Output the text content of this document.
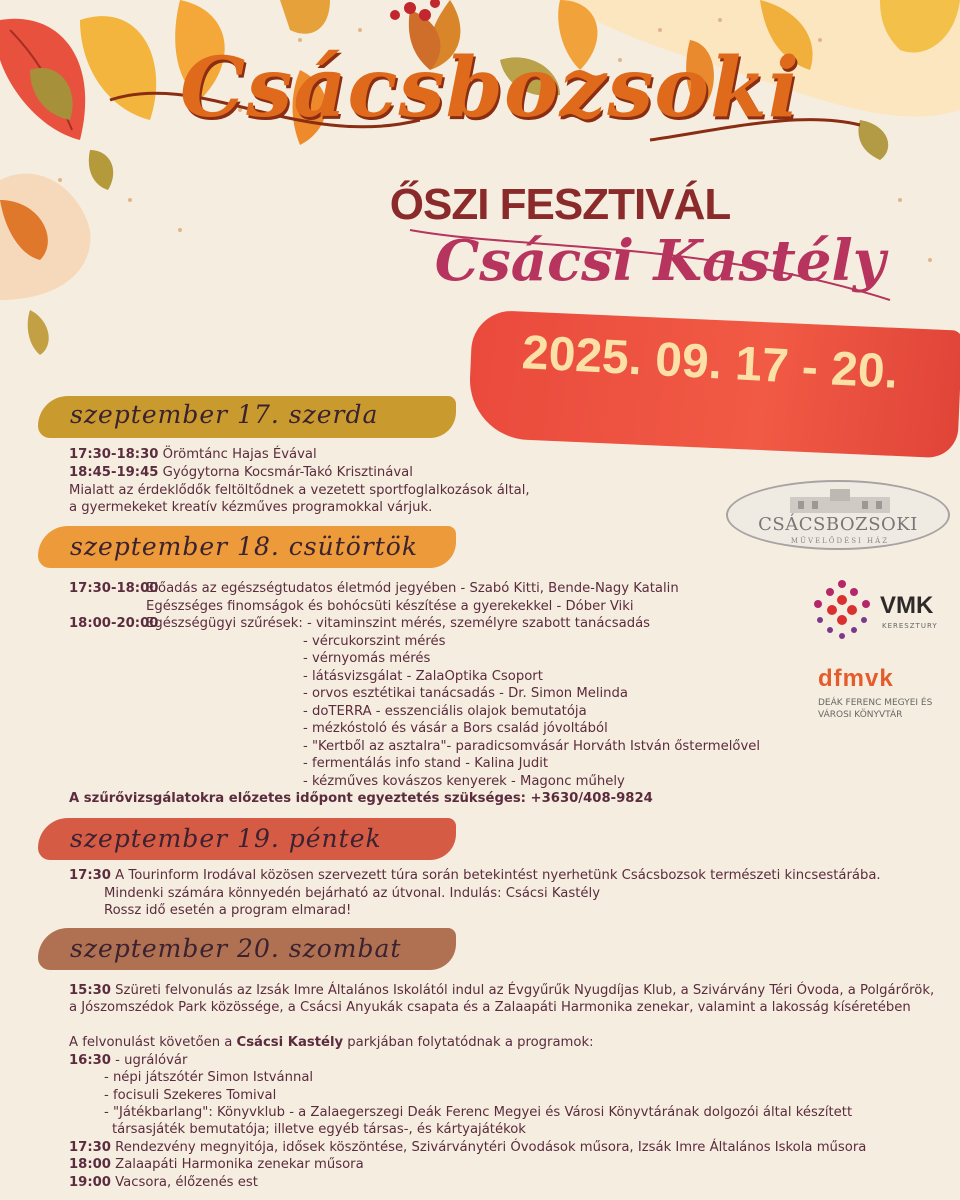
Csácsbozsoki
ŐSZI FESZTIVÁL
Csácsi Kastély
2025. 09. 17 - 20.
szeptember 17. szerda
17:30-18:30 Örömtánc Hajas Évával
18:45-19:45 Gyógytorna Kocsmár-Takó Krisztinával
Mialatt az érdeklődők feltöltődnek a vezetett sportfoglalkozások által,
a gyermekeket kreatív kézműves programokkal várjuk.
szeptember 18. csütörtök
17:30-18:00
Előadás az egészségtudatos életmód jegyében - Szabó Kitti, Bende-Nagy Katalin
Egészséges finomságok és bohócsüti készítése a gyerekekkel - Dóber Viki
18:00-20:00
Egészségügyi szűrések: - vitaminszint mérés, személyre szabott tanácsadás
- vércukorszint mérés
- vérnyomás mérés
- látásvizsgálat - ZalaOptika Csoport
- orvos esztétikai tanácsadás - Dr. Simon Melinda
- doTERRA - esszenciális olajok bemutatója
- mézkóstoló és vásár a Bors család jóvoltából
- "Kertből az asztalra"- paradicsomvásár Horváth István őstermelővel
- fermentálás info stand - Kalina Judit
- kézműves kovászos kenyerek - Magonc műhely
A szűrővizsgálatokra előzetes időpont egyeztetés szükséges: +3630/408-9824
szeptember 19. péntek
17:30 A Tourinform Irodával közösen szervezett túra során betekintést nyerhetünk Csácsbozsok természeti kincsestárába.
Mindenki számára könnyedén bejárható az útvonal. Indulás: Csácsi Kastély
Rossz idő esetén a program elmarad!
szeptember 20. szombat
15:30 Szüreti felvonulás az Izsák Imre Általános Iskolától indul az Évgyűrűk Nyugdíjas Klub, a Szivárvány Téri Óvoda, a Polgárőrök,
a Jószomszédok Park közössége, a Csácsi Anyukák csapata és a Zalaapáti Harmonika zenekar, valamint a lakosság kíséretében
A felvonulást követően a Csácsi Kastély parkjában folytatódnak a programok:
16:30 - ugrálóvár
- népi játszótér Simon Istvánnal
- focisuli Szekeres Tomival
- "Játékbarlang": Könyvklub - a Zalaegerszegi Deák Ferenc Megyei és Városi Könyvtárának dolgozói által készített
társasjáték bemutatója; illetve egyéb társas-, és kártyajátékok
17:30 Rendezvény megnyitója, idősek köszöntése, Szivárványtéri Óvodások műsora, Izsák Imre Általános Iskola műsora
18:00 Zalaapáti Harmonika zenekar műsora
19:00 Vacsora, élőzenés est
CSÁCSBOZSOKI
MŰVELŐDÉSI HÁZ
VMK
KERESZTURY
dfmvk
DEÁK FERENC MEGYEI ÉS VÁROSI KÖNYVTÁR
